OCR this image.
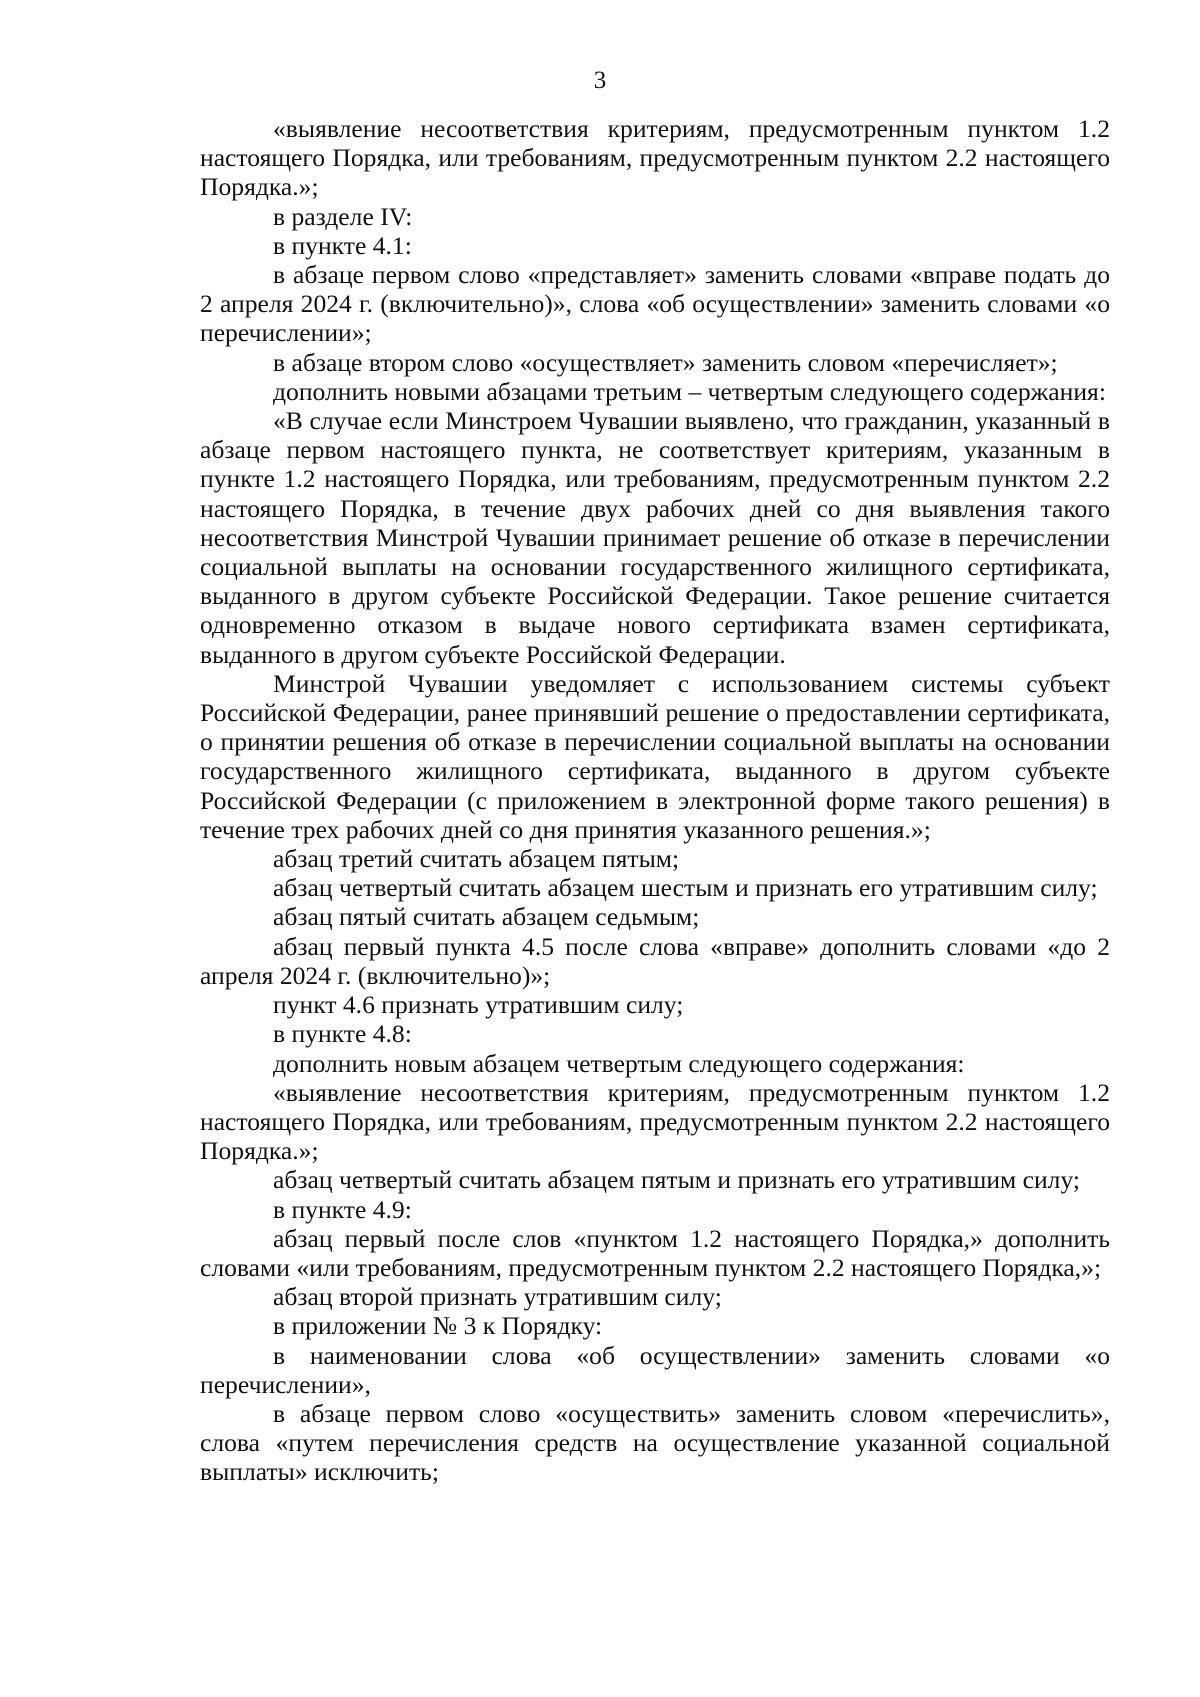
3

«выявление несоответствия критериям, предусмотренным пунктом 1.2 настоящего Порядка, или требованиям, предусмотренным пунктом 2.2 настоящего Порядка.»;

в разделе IV:

в пункте 4.1:

в абзаце первом слово «представляет» заменить словами «вправе подать до 2 апреля 2024 г. (включительно)», слова «об осуществлении» заменить словами «о перечислении»;

в абзаце втором слово «осуществляет» заменить словом «перечисляет»;

дополнить новыми абзацами третьим – четвертым следующего содержания:

«В случае если Минстроем Чувашии выявлено, что гражданин, указанный в абзаце первом настоящего пункта, не соответствует критериям, указанным в пункте 1.2 настоящего Порядка, или требованиям, предусмотренным пунктом 2.2 настоящего Порядка, в течение двух рабочих дней со дня выявления такого несоответствия Минстрой Чувашии принимает решение об отказе в перечислении социальной выплаты на основании государственного жилищного сертификата, выданного в другом субъекте Российской Федерации. Такое решение считается одновременно отказом в выдаче нового сертификата взамен сертификата, выданного в другом субъекте Российской Федерации.

Минстрой Чувашии уведомляет с использованием системы субъект Российской Федерации, ранее принявший решение о предоставлении сертификата, о принятии решения об отказе в перечислении социальной выплаты на основании государственного жилищного сертификата, выданного в другом субъекте Российской Федерации (с приложением в электронной форме такого решения) в течение трех рабочих дней со дня принятия указанного решения.»;

абзац третий считать абзацем пятым;

абзац четвертый считать абзацем шестым и признать его утратившим силу;

абзац пятый считать абзацем седьмым;

абзац первый пункта 4.5 после слова «вправе» дополнить словами «до 2 апреля 2024 г. (включительно)»;

пункт 4.6 признать утратившим силу;

в пункте 4.8:

дополнить новым абзацем четвертым следующего содержания:

«выявление несоответствия критериям, предусмотренным пунктом 1.2 настоящего Порядка, или требованиям, предусмотренным пунктом 2.2 настоящего Порядка.»;

абзац четвертый считать абзацем пятым и признать его утратившим силу;

в пункте 4.9:

абзац первый после слов «пунктом 1.2 настоящего Порядка,» дополнить словами «или требованиям, предусмотренным пунктом 2.2 настоящего Порядка,»;

абзац второй признать утратившим силу;

в приложении № 3 к Порядку:

в наименовании слова «об осуществлении» заменить словами «о перечислении»,

в абзаце первом слово «осуществить» заменить словом «перечислить», слова «путем перечисления средств на осуществление указанной социальной выплаты» исключить;
